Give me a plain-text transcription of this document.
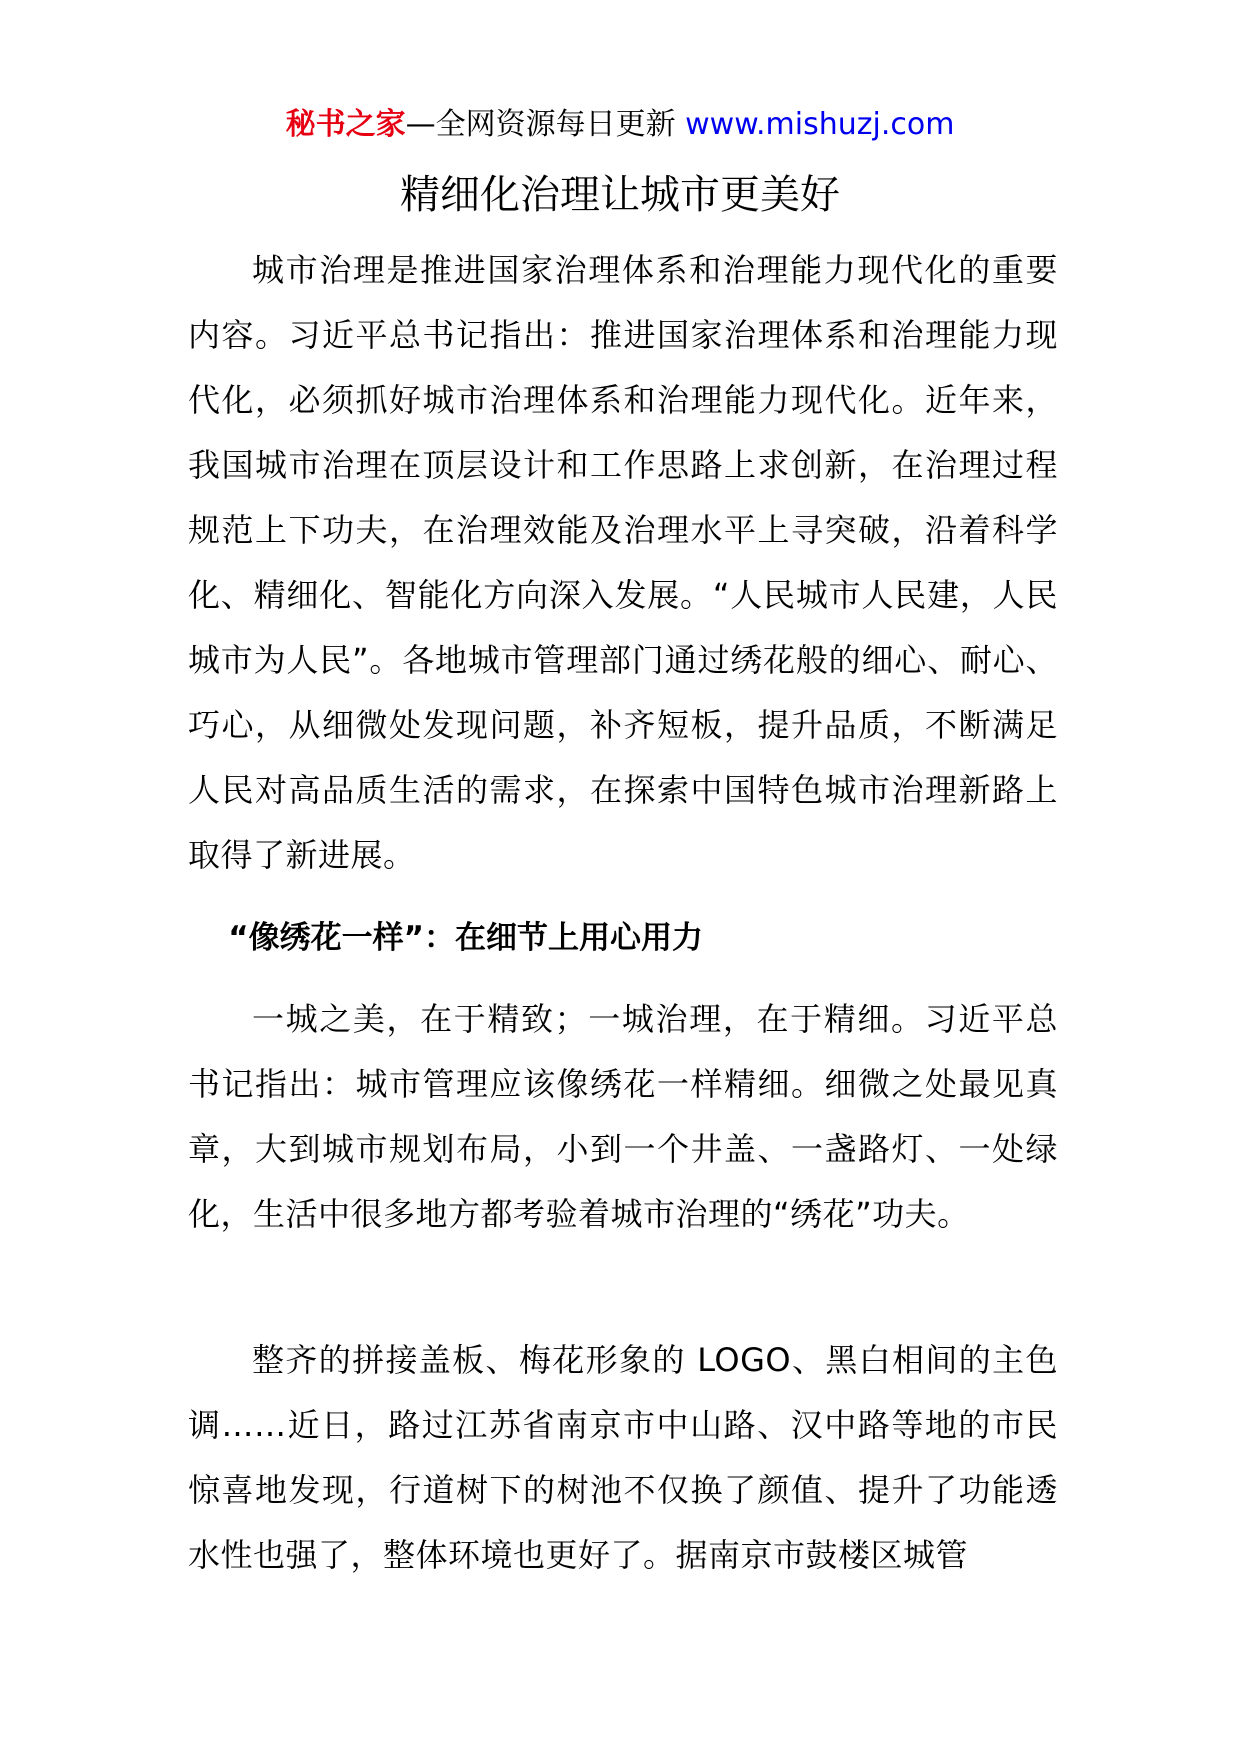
秘书之家—全网资源每日更新 www.mishuzj.com
精细化治理让城市更美好

城市治理是推进国家治理体系和治理能力现代化的重要内容。习近平总书记指出：推进国家治理体系和治理能力现代化，必须抓好城市治理体系和治理能力现代化。近年来，我国城市治理在顶层设计和工作思路上求创新，在治理过程规范上下功夫，在治理效能及治理水平上寻突破，沿着科学化、精细化、智能化方向深入发展。“人民城市人民建，人民城市为人民”。各地城市管理部门通过绣花般的细心、耐心、巧心，从细微处发现问题，补齐短板，提升品质，不断满足人民对高品质生活的需求，在探索中国特色城市治理新路上取得了新进展。

“像绣花一样”：在细节上用心用力

一城之美，在于精致；一城治理，在于精细。习近平总书记指出：城市管理应该像绣花一样精细。细微之处最见真章，大到城市规划布局，小到一个井盖、一盏路灯、一处绿化，生活中很多地方都考验着城市治理的“绣花”功夫。

整齐的拼接盖板、梅花形象的 LOGO、黑白相间的主色调……近日，路过江苏省南京市中山路、汉中路等地的市民惊喜地发现，行道树下的树池不仅换了颜值、提升了功能透水性也强了，整体环境也更好了。据南京市鼓楼区城管
